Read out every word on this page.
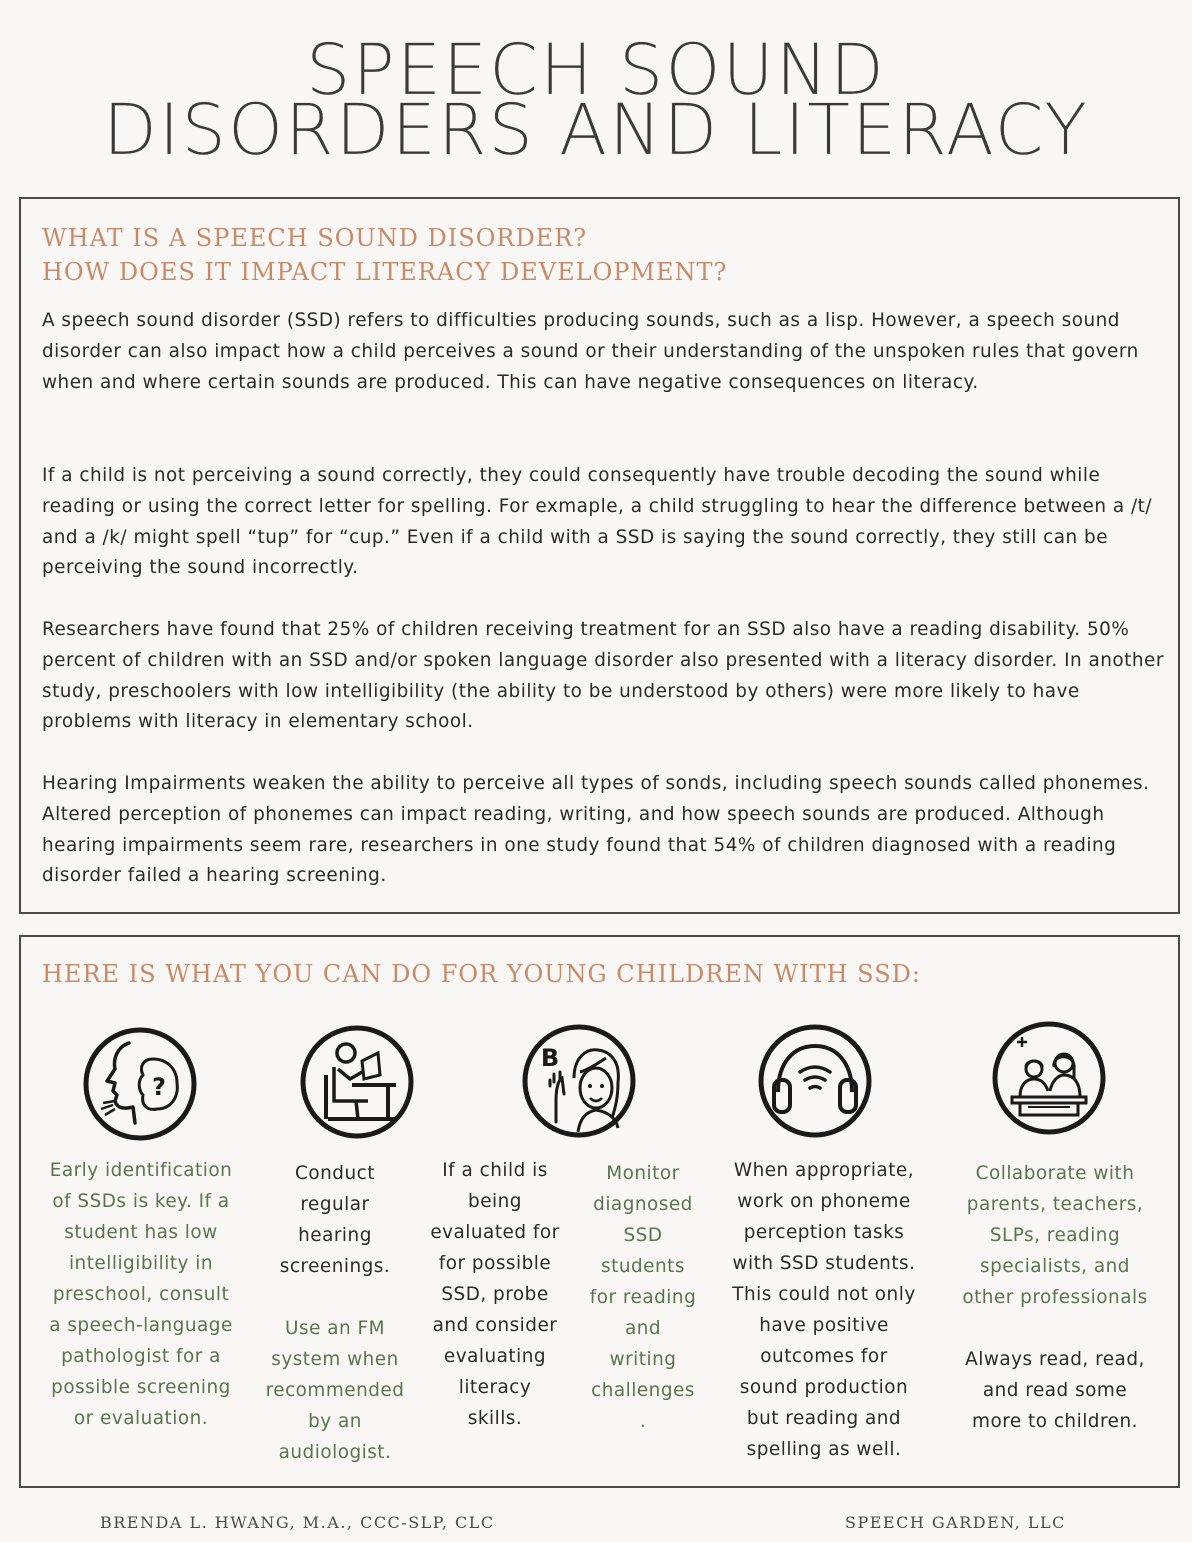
SPEECH SOUND
DISORDERS AND LITERACY
WHAT IS A SPEECH SOUND DISORDER?
HOW DOES IT IMPACT LITERACY DEVELOPMENT?
A speech sound disorder (SSD) refers to difficulties producing sounds, such as a lisp. However, a speech sound disorder can also impact how a child perceives a sound or their understanding of the unspoken rules that govern when and where certain sounds are produced. This can have negative consequences on literacy.
If a child is not perceiving a sound correctly, they could consequently have trouble decoding the sound while reading or using the correct letter for spelling. For exmaple, a child struggling to hear the difference between a /t/ and a /k/ might spell “tup” for “cup.” Even if a child with a SSD is saying the sound correctly, they still can be perceiving the sound incorrectly.
Researchers have found that 25% of children receiving treatment for an SSD also have a reading disability. 50% percent of children with an SSD and/or spoken language disorder also presented with a literacy disorder. In another study, preschoolers with low intelligibility (the ability to be understood by others) were more likely to have problems with literacy in elementary school.
Hearing Impairments weaken the ability to perceive all types of sonds, including speech sounds called phonemes. Altered perception of phonemes can impact reading, writing, and how speech sounds are produced. Although hearing impairments seem rare, researchers in one study found that 54% of children diagnosed with a reading disorder failed a hearing screening.
HERE IS WHAT YOU CAN DO FOR YOUNG CHILDREN WITH SSD:
?
B
Early identification
of SSDs is key. If a
student has low
intelligibility in
preschool, consult
a speech-language
pathologist for a
possible screening
or evaluation.
Conduct
regular
hearing
screenings.
Use an FM
system when
recommended
by an
audiologist.
If a child is
being
evaluated for
for possible
SSD, probe
and consider
evaluating
literacy
skills.
Monitor
diagnosed
SSD
students
for reading
and
writing
challenges
.
When appropriate,
work on phoneme
perception tasks
with SSD students.
This could not only
have positive
outcomes for
sound production
but reading and
spelling as well.
Collaborate with
parents, teachers,
SLPs, reading
specialists, and
other professionals
Always read, read,
and read some
more to children.
BRENDA L. HWANG, M.A., CCC-SLP, CLC	SPEECH GARDEN, LLC
